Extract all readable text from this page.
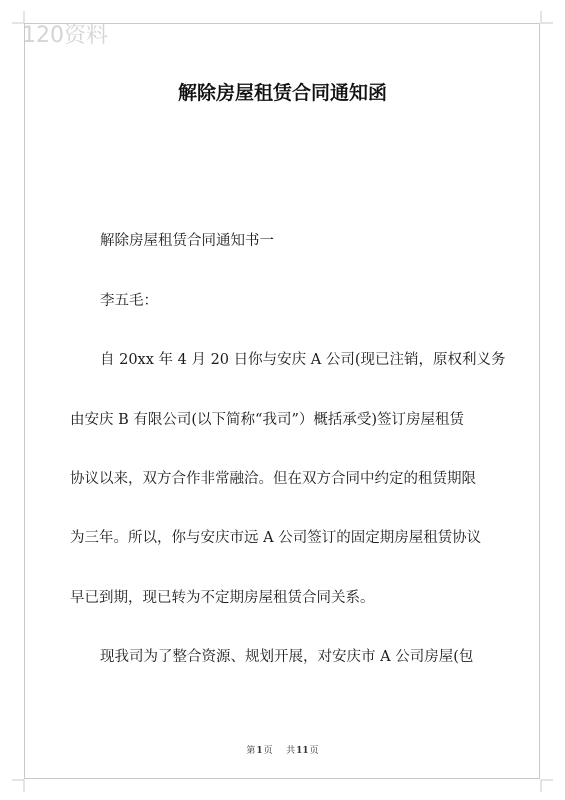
120资料
解除房屋租赁合同通知函
解除房屋租赁合同通知书一
李五毛：
自 20xx 年 4 月 20 日你与安庆 A 公司(现已注销，原权利义务
由安庆 B 有限公司(以下简称“我司”）概括承受)签订房屋租赁
协议以来，双方合作非常融洽。但在双方合同中约定的租赁期限
为三年。所以，你与安庆市远 A 公司签订的固定期房屋租赁协议
早已到期，现已转为不定期房屋租赁合同关系。
现我司为了整合资源、规划开展，对安庆市 A 公司房屋(包
第1页 共11页
